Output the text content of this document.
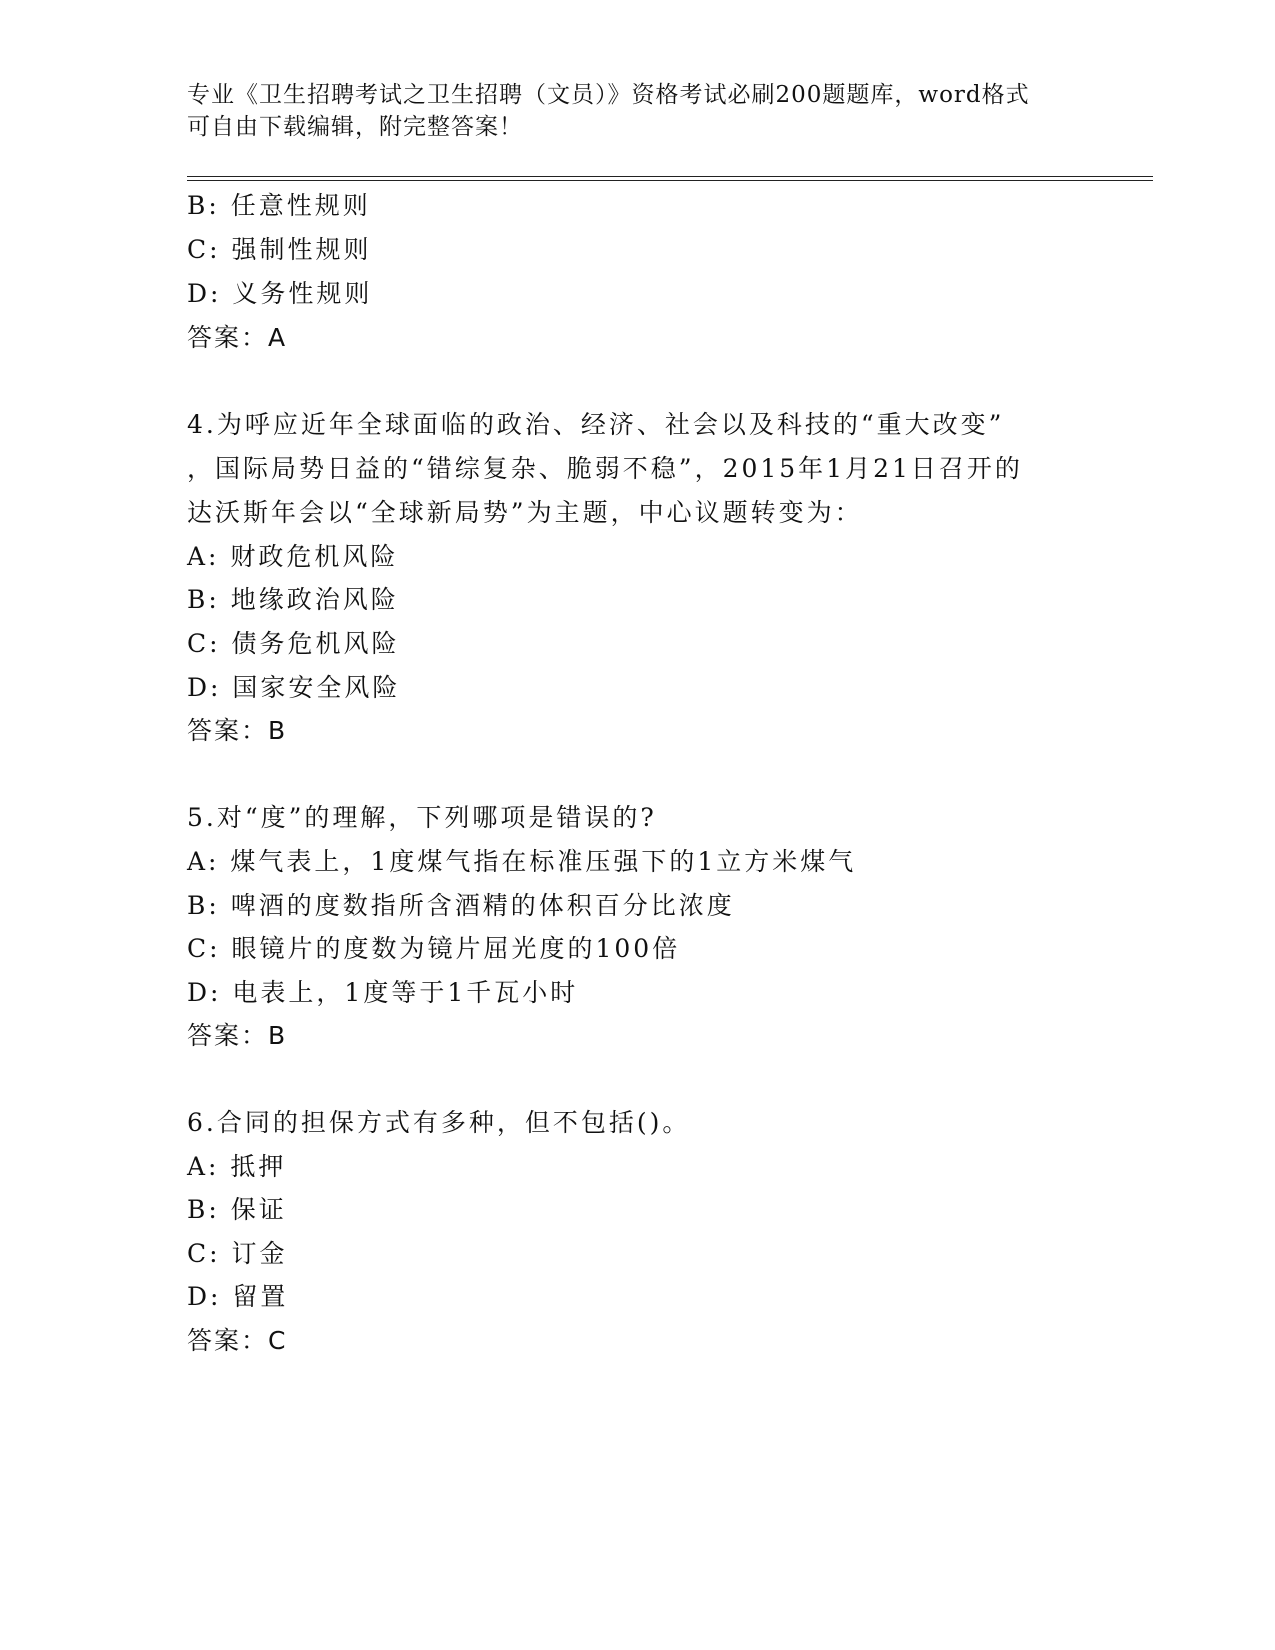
专业《卫生招聘考试之卫生招聘（文员）》资格考试必刷200题题库，word格式
可自由下载编辑，附完整答案！
B: 任意性规则
C: 强制性规则
D: 义务性规则
答案：A
4.为呼应近年全球面临的政治、经济、社会以及科技的“重大改变”
，国际局势日益的“错综复杂、脆弱不稳”，2015年1月21日召开的
达沃斯年会以“全球新局势”为主题，中心议题转变为：
A: 财政危机风险
B: 地缘政治风险
C: 债务危机风险
D: 国家安全风险
答案：B
5.对“度”的理解，下列哪项是错误的?
A: 煤气表上，1度煤气指在标准压强下的1立方米煤气
B: 啤酒的度数指所含酒精的体积百分比浓度
C: 眼镜片的度数为镜片屈光度的100倍
D: 电表上，1度等于1千瓦小时
答案：B
6.合同的担保方式有多种，但不包括()。
A: 抵押
B: 保证
C: 订金
D: 留置
答案：C
